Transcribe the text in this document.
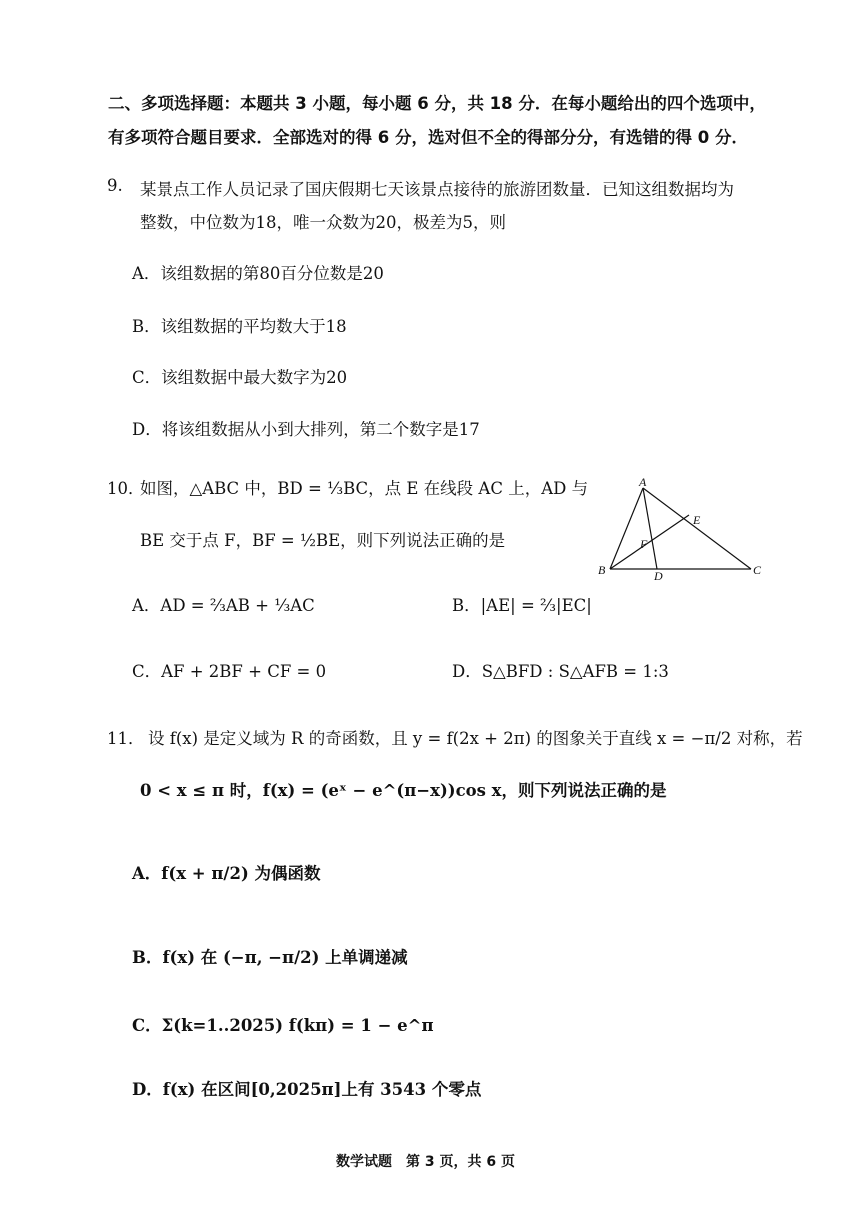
二、多项选择题：本题共 3 小题，每小题 6 分，共 18 分．在每小题给出的四个选项中，
有多项符合题目要求．全部选对的得 6 分，选对但不全的得部分分，有选错的得 0 分．
9. 某景点工作人员记录了国庆假期七天该景点接待的旅游团数量．已知这组数据均为
整数，中位数为18，唯一众数为20，极差为5，则
A．该组数据的第80百分位数是20
B．该组数据的平均数大于18
C．该组数据中最大数字为20
D．将该组数据从小到大排列，第二个数字是17
10．
如图，△ABC 中，BD = ⅓BC，点 E 在线段 AC 上，AD 与
BE 交于点 F，BF = ½BE，则下列说法正确的是
A．AD = ⅔AB + ⅓AC	B．|AE| = ⅔|EC|
C．AF + 2BF + CF = 0	D．S△BFD : S△AFB = 1:3
A
E
F
B	D	C
11． 设 f(x) 是定义域为 R 的奇函数，且 y = f(2x + 2π) 的图象关于直线 x = −π/2 对称，若
0 < x ≤ π 时，f(x) = (eˣ − e^(π−x))cos x，则下列说法正确的是
A．f(x + π/2) 为偶函数
B．f(x) 在 (−π, −π/2) 上单调递减
C．Σ(k=1..2025) f(kπ) = 1 − e^π
D．f(x) 在区间[0,2025π]上有 3543 个零点
数学试题　第 3 页，共 6 页
